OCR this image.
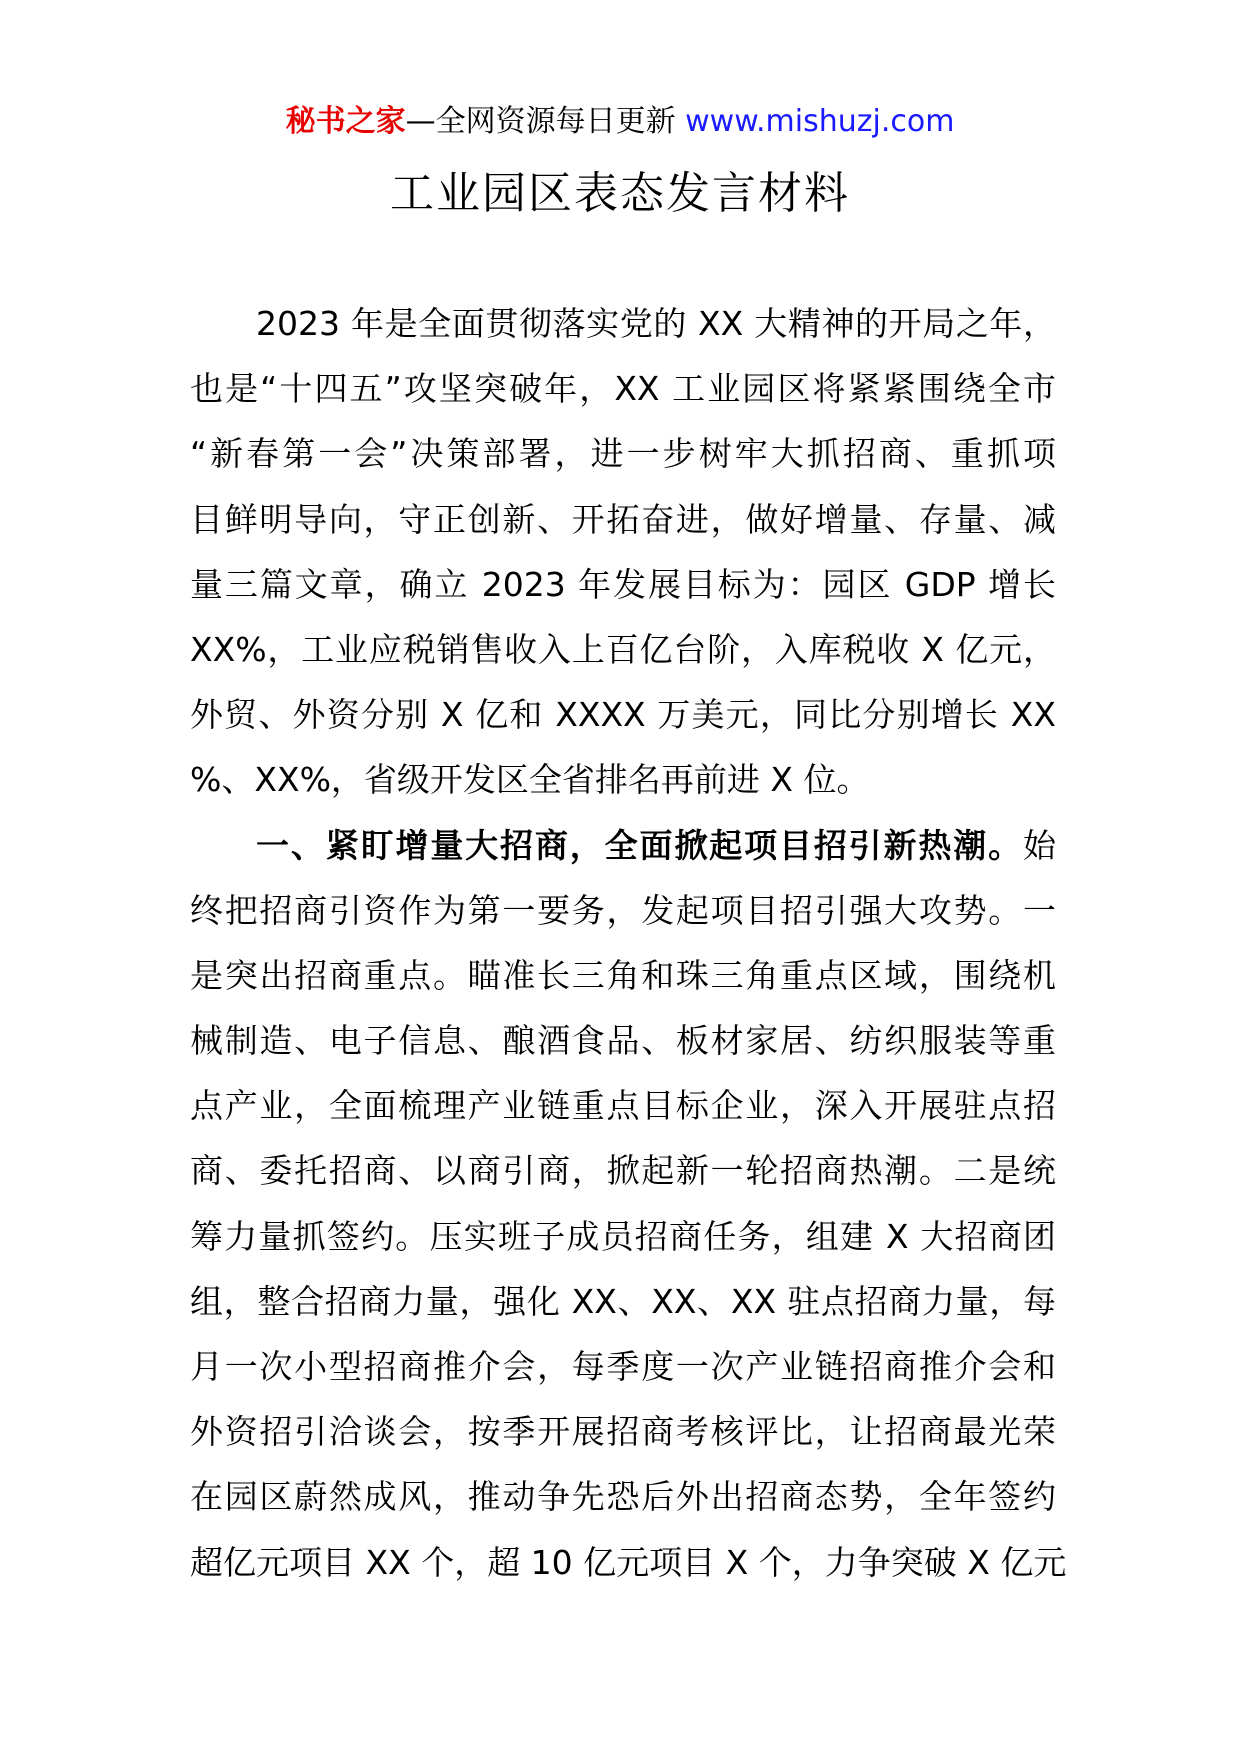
秘书之家—全网资源每日更新 www.mishuzj.com
工业园区表态发言材料
2023 年是全面贯彻落实党的 XX 大精神的开局之年，
也是“十四五”攻坚突破年，XX 工业园区将紧紧围绕全市
“新春第一会”决策部署，进一步树牢大抓招商、重抓项
目鲜明导向，守正创新、开拓奋进，做好增量、存量、减
量三篇文章，确立 2023 年发展目标为：园区 GDP 增长
XX%，工业应税销售收入上百亿台阶，入库税收 X 亿元，
外贸、外资分别 X 亿和 XXXX 万美元，同比分别增长 XX
%、XX%，省级开发区全省排名再前进 X 位。
一、紧盯增量大招商，全面掀起项目招引新热潮。始
终把招商引资作为第一要务，发起项目招引强大攻势。一
是突出招商重点。瞄准长三角和珠三角重点区域，围绕机
械制造、电子信息、酿酒食品、板材家居、纺织服装等重
点产业，全面梳理产业链重点目标企业，深入开展驻点招
商、委托招商、以商引商，掀起新一轮招商热潮。二是统
筹力量抓签约。压实班子成员招商任务，组建 X 大招商团
组，整合招商力量，强化 XX、XX、XX 驻点招商力量，每
月一次小型招商推介会，每季度一次产业链招商推介会和
外资招引洽谈会，按季开展招商考核评比，让招商最光荣
在园区蔚然成风，推动争先恐后外出招商态势，全年签约
超亿元项目 XX 个，超 10 亿元项目 X 个，力争突破 X 亿元
